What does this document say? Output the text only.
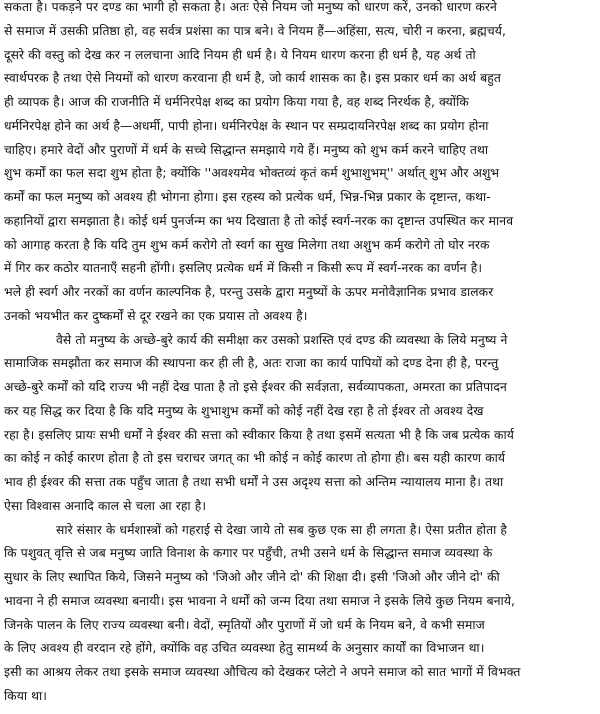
सकता है। पकड़ने पर दण्ड का भागी हो सकता है। अतः ऐसे नियम जो मनुष्य को धारण करें, उनको धारण करने
से समाज में उसकी प्रतिष्ठा हो, वह सर्वत्र प्रशंसा का पात्र बने। वे नियम हैं—अहिंसा, सत्य, चोरी न करना, ब्रह्मचर्य,
दूसरे की वस्तु को देख कर न ललचाना आदि नियम ही धर्म है। ये नियम धारण करना ही धर्म है, यह अर्थ तो
स्वार्थपरक है तथा ऐसे नियमों को धारण करवाना ही धर्म है, जो कार्य शासक का है। इस प्रकार धर्म का अर्थ बहुत
ही व्यापक है। आज की राजनीति में धर्मनिरपेक्ष शब्द का प्रयोग किया गया है, वह शब्द निरर्थक है, क्योंकि
धर्मनिरपेक्ष होने का अर्थ है—अधर्मी, पापी होना। धर्मनिरपेक्ष के स्थान पर सम्प्रदायनिरपेक्ष शब्द का प्रयोग होना
चाहिए। हमारे वेदों और पुराणों में धर्म के सच्चे सिद्धान्त समझाये गये हैं। मनुष्य को शुभ कर्म करने चाहिए तथा
शुभ कर्मों का फल सदा शुभ होता है; क्योंकि ''अवश्यमेव भोक्तव्यं कृतं कर्म शुभाशुभम्'' अर्थात् शुभ और अशुभ
कर्मों का फल मनुष्य को अवश्य ही भोगना होगा। इस रहस्य को प्रत्येक धर्म, भिन्न-भिन्न प्रकार के दृष्टान्त, कथा-
कहानियों द्वारा समझाता है। कोई धर्म पुनर्जन्म का भय दिखाता है तो कोई स्वर्ग-नरक का दृष्टान्त उपस्थित कर मानव
को आगाह करता है कि यदि तुम शुभ कर्म करोगे तो स्वर्ग का सुख मिलेगा तथा अशुभ कर्म करोगे तो घोर नरक
में गिर कर कठोर यातनाएँ सहनी होंगी। इसलिए प्रत्येक धर्म में किसी न किसी रूप में स्वर्ग-नरक का वर्णन है।
भले ही स्वर्ग और नरकों का वर्णन काल्पनिक है, परन्तु उसके द्वारा मनुष्यों के ऊपर मनोवैज्ञानिक प्रभाव डालकर
उनको भयभीत कर दुष्कर्मों से दूर रखने का एक प्रयास तो अवश्य है।
वैसे तो मनुष्य के अच्छे-बुरे कार्य की समीक्षा कर उसको प्रशस्ति एवं दण्ड की व्यवस्था के लिये मनुष्य ने
सामाजिक समझौता कर समाज की स्थापना कर ही ली है, अतः राजा का कार्य पापियों को दण्ड देना ही है, परन्तु
अच्छे-बुरे कर्मों को यदि राज्य भी नहीं देख पाता है तो इसे ईश्वर की सर्वज्ञता, सर्वव्यापकता, अमरता का प्रतिपादन
कर यह सिद्ध कर दिया है कि यदि मनुष्य के शुभाशुभ कर्मों को कोई नहीं देख रहा है तो ईश्वर तो अवश्य देख
रहा है। इसलिए प्रायः सभी धर्मों ने ईश्वर की सत्ता को स्वीकार किया है तथा इसमें सत्यता भी है कि जब प्रत्येक कार्य
का कोई न कोई कारण होता है तो इस चराचर जगत् का भी कोई न कोई कारण तो होगा ही। बस यही कारण कार्य
भाव ही ईश्वर की सत्ता तक पहुँच जाता है तथा सभी धर्मों ने उस अदृश्य सत्ता को अन्तिम न्यायालय माना है। तथा
ऐसा विश्वास अनादि काल से चला आ रहा है।
सारे संसार के धर्मशास्त्रों को गहराई से देखा जाये तो सब कुछ एक सा ही लगता है। ऐसा प्रतीत होता है
कि पशुवत् वृत्ति से जब मनुष्य जाति विनाश के कगार पर पहुँची, तभी उसने धर्म के सिद्धान्त समाज व्यवस्था के
सुधार के लिए स्थापित किये, जिसने मनुष्य को 'जिओ और जीने दो' की शिक्षा दी। इसी 'जिओ और जीने दो' की
भावना ने ही समाज व्यवस्था बनायी। इस भावना ने धर्मों को जन्म दिया तथा समाज ने इसके लिये कुछ नियम बनाये,
जिनके पालन के लिए राज्य व्यवस्था बनी। वेदों, स्मृतियों और पुराणों में जो धर्म के नियम बने, वे कभी समाज
के लिए अवश्य ही वरदान रहे होंगे, क्योंकि वह उचित व्यवस्था हेतु सामर्थ्य के अनुसार कार्यों का विभाजन था।
इसी का आश्रय लेकर तथा इसके समाज व्यवस्था औचित्य को देखकर प्लेटो ने अपने समाज को सात भागों में विभक्त
किया था।
